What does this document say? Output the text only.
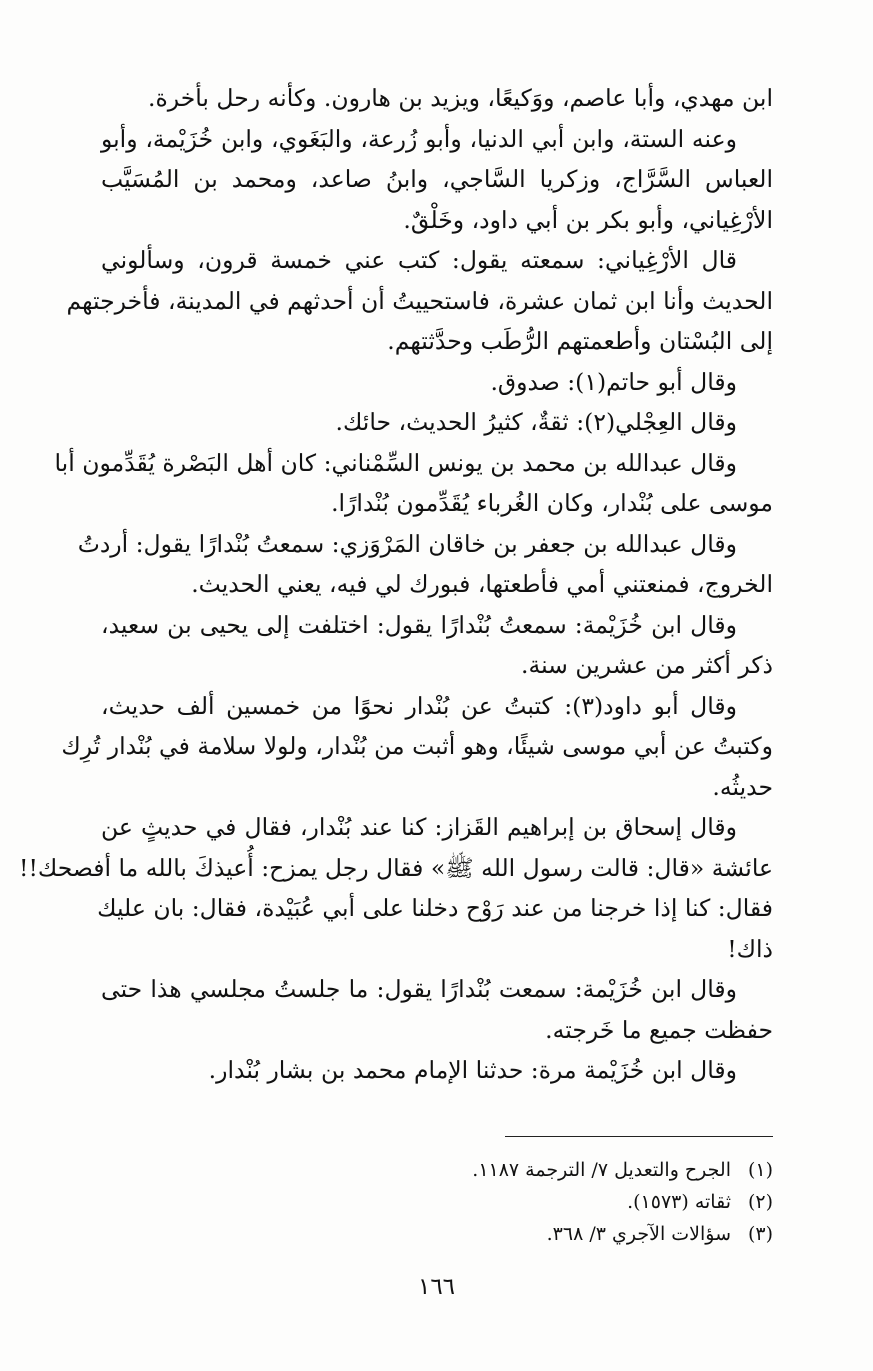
ابن مهدي، وأبا عاصم، ووَكيعًا، ويزيد بن هارون. وكأنه رحل بأخرة.
وعنه الستة، وابن أبي الدنيا، وأبو زُرعة، والبَغَوي، وابن خُزَيْمة، وأبو
العباس السَّرَّاج، وزكريا السَّاجي، وابنُ صاعد، ومحمد بن المُسَيَّب
الأرْغِياني، وأبو بكر بن أبي داود، وخَلْقٌ.
قال الأرْغِياني: سمعته يقول: كتب عني خمسة قرون، وسألوني
الحديث وأنا ابن ثمان عشرة، فاستحييتُ أن أحدثهم في المدينة، فأخرجتهم
إلى البُسْتان وأطعمتهم الرُّطَب وحدَّثتهم.
وقال أبو حاتم(١): صدوق.
وقال العِجْلي(٢): ثقةٌ، كثيرُ الحديث، حائك.
وقال عبدالله بن محمد بن يونس السِّمْناني: كان أهل البَصْرة يُقَدِّمون أبا
موسى على بُنْدار، وكان الغُرباء يُقَدِّمون بُنْدارًا.
وقال عبدالله بن جعفر بن خاقان المَرْوَزي: سمعتُ بُنْدارًا يقول: أردتُ
الخروج، فمنعتني أمي فأطعتها، فبورك لي فيه، يعني الحديث.
وقال ابن خُزَيْمة: سمعتُ بُنْدارًا يقول: اختلفت إلى يحيى بن سعيد،
ذكر أكثر من عشرين سنة.
وقال أبو داود(٣): كتبتُ عن بُنْدار نحوًا من خمسين ألف حديث،
وكتبتُ عن أبي موسى شيئًا، وهو أثبت من بُنْدار، ولولا سلامة في بُنْدار تُرِك
حديثُه.
وقال إسحاق بن إبراهيم القَزاز: كنا عند بُنْدار، فقال في حديثٍ عن
عائشة «قال: قالت رسول الله ﷺ» فقال رجل يمزح: أُعيذكَ بالله ما أفصحك!!
فقال: كنا إذا خرجنا من عند رَوْح دخلنا على أبي عُبَيْدة، فقال: بان عليك
ذاك!
وقال ابن خُزَيْمة: سمعت بُنْدارًا يقول: ما جلستُ مجلسي هذا حتى
حفظت جميع ما خَرجته.
وقال ابن خُزَيْمة مرة: حدثنا الإمام محمد بن بشار بُنْدار.
(١)الجرح والتعديل ٧/ الترجمة ١١٨٧.
(٢)ثقاته (١٥٧٣).
(٣)سؤالات الآجري ٣/ ٣٦٨.
١٦٦
